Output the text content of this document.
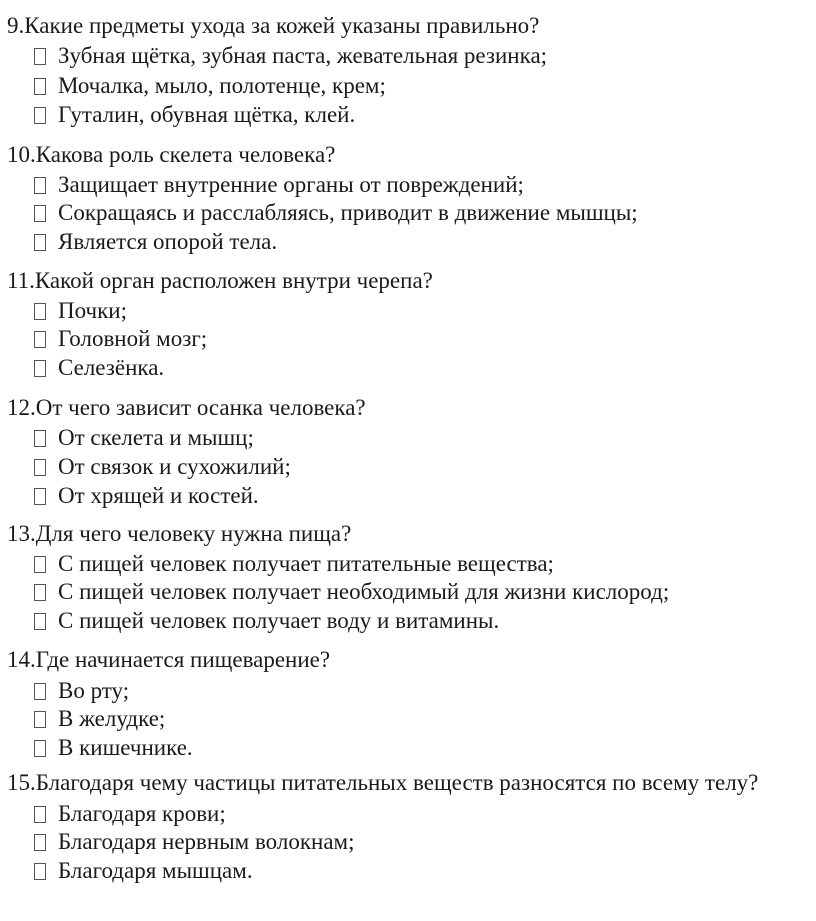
9.Какие предметы ухода за кожей указаны правильно?
Зубная щётка, зубная паста, жевательная резинка;
Мочалка, мыло, полотенце, крем;
Гуталин, обувная щётка, клей.
10.Какова роль скелета человека?
Защищает внутренние органы от повреждений;
Сокращаясь и расслабляясь, приводит в движение мышцы;
Является опорой тела.
11.Какой орган расположен внутри черепа?
Почки;
Головной мозг;
Селезёнка.
12.От чего зависит осанка человека?
От скелета и мышц;
От связок и сухожилий;
От хрящей и костей.
13.Для чего человеку нужна пища?
С пищей человек получает питательные вещества;
С пищей человек получает необходимый для жизни кислород;
С пищей человек получает воду и витамины.
14.Где начинается пищеварение?
Во рту;
В желудке;
В кишечнике.
15.Благодаря чему частицы питательных веществ разносятся по всему телу?
Благодаря крови;
Благодаря нервным волокнам;
Благодаря мышцам.
